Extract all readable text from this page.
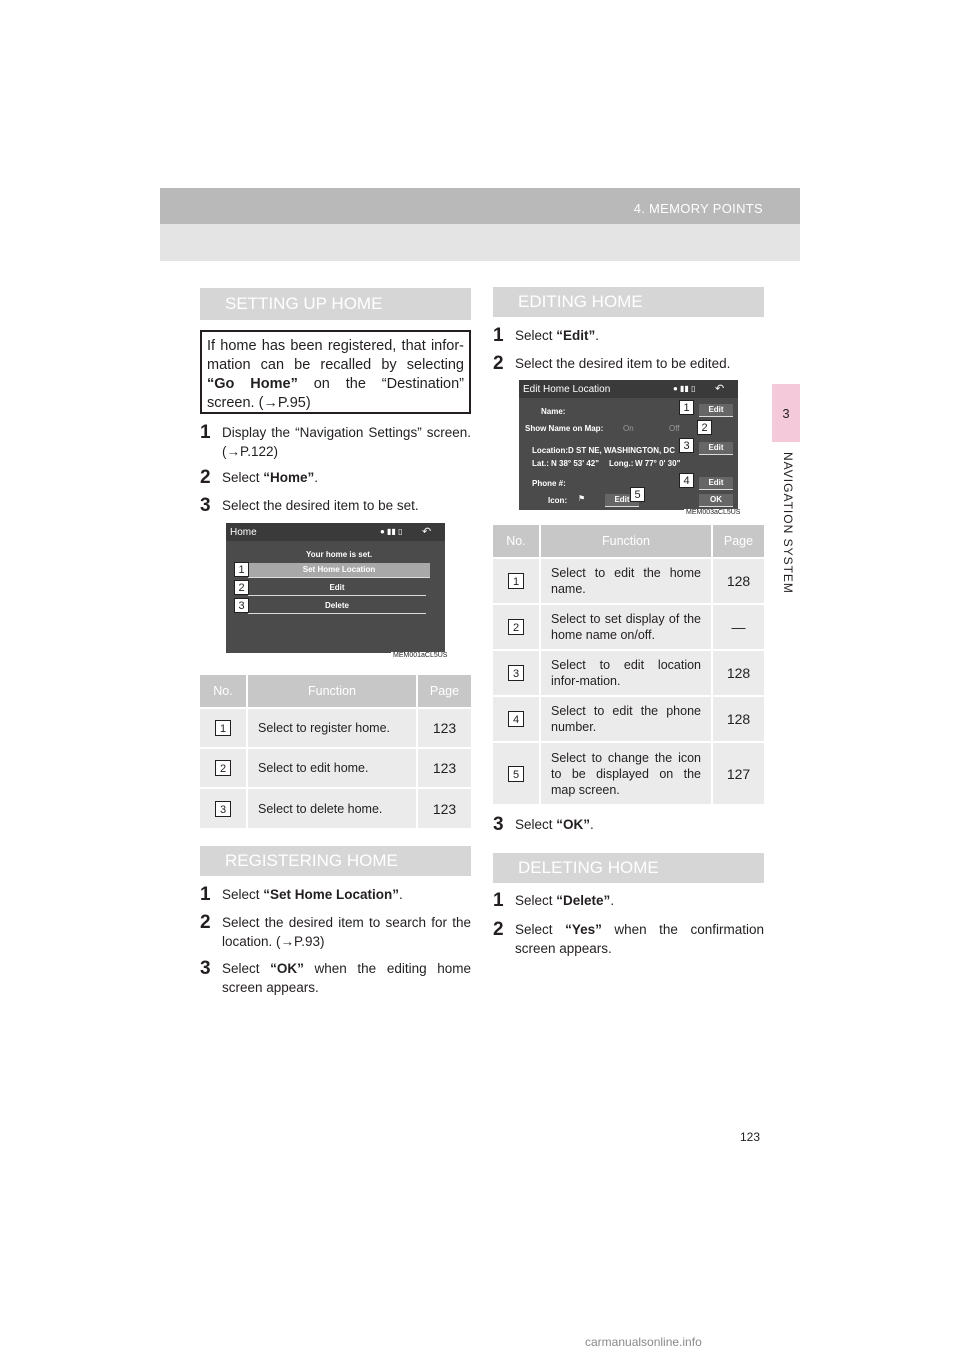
4. MEMORY POINTS
3
NAVIGATION SYSTEM
SETTING UP HOME
If home has been registered, that infor-mation can be recalled by selecting “Go Home” on the “Destination” screen. (→P.95)
1 Display the “Navigation Settings” screen. (→P.122)
2 Select “Home”.
3 Select the desired item to be set.
Home	● ▮▮ ▯ ↶
Your home is set.
Set Home Location
Edit
Delete
1
2
3
MEM001aCL5US
No.	Function	Page
1	Select to register home.	123
2	Select to edit home.	123
3	Select to delete home.	123
REGISTERING HOME
1 Select “Set Home Location”.
2 Select the desired item to search for the location. (→P.93)
3 Select “OK” when the editing home screen appears.
EDITING HOME
1 Select “Edit”.
2 Select the desired item to be edited.
Edit Home Location	● ▮▮ ▯ ↶
Name:	Edit
Show Name on Map: On	Off
Location: D ST NE, WASHINGTON, DC	Edit
Lat.: N 38° 53' 42" Long.: W 77° 0' 30"
Phone #:	Edit
Icon: ⚑	Edit	OK
1
2
3
4
5
MEM003aCL5US
No.	Function	Page
1	Select to edit the home name.	128
2	Select to set display of the home name on/off.	—
3	Select to edit location infor-mation.	128
4	Select to edit the phone number.	128
5	Select to change the icon to be displayed on the map screen.	127
3 Select “OK”.
DELETING HOME
1 Select “Delete”.
2 Select “Yes” when the confirmation screen appears.
123
carmanualsonline.info
